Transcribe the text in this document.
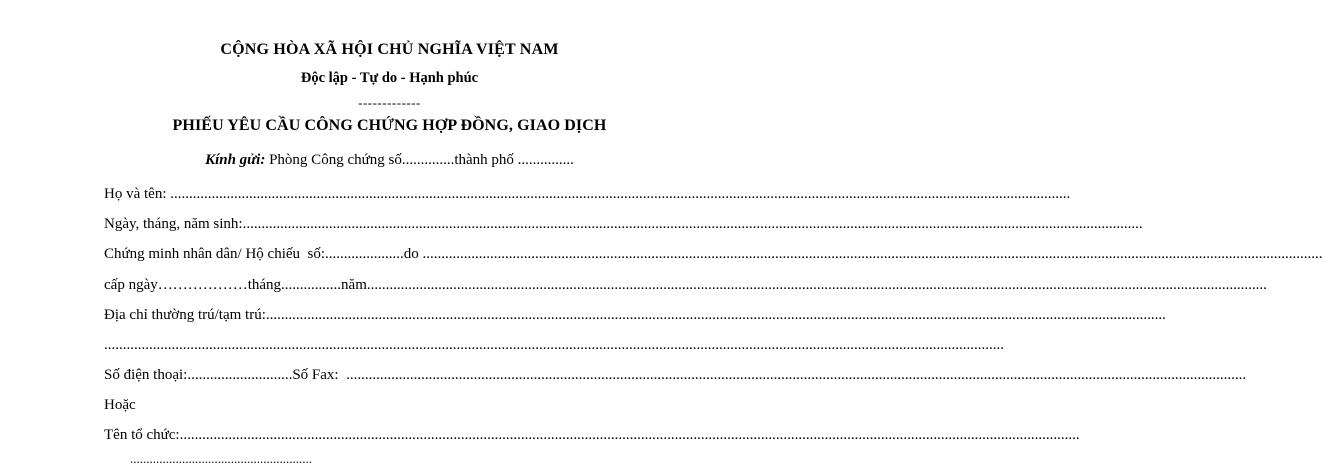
CỘNG HÒA XÃ HỘI CHỦ NGHĨA VIỆT NAM
Độc lập - Tự do - Hạnh phúc
-------------
PHIẾU YÊU CẦU CÔNG CHỨNG HỢP ĐỒNG, GIAO DỊCH
Kính gửi: Phòng Công chứng số..............thành phố ...............
Họ và tên:
.....
Ngày, tháng, năm sinh:
.....
Chứng minh nhân dân/ Hộ chiếu  số:.....................do
.....
cấp ngày………………tháng................năm
.....
Địa chỉ thường trú/tạm trú:
.....
.....
Số điện thoại:............................Số Fax:
.....
Hoặc
Tên tổ chức:
.....
........................................................
